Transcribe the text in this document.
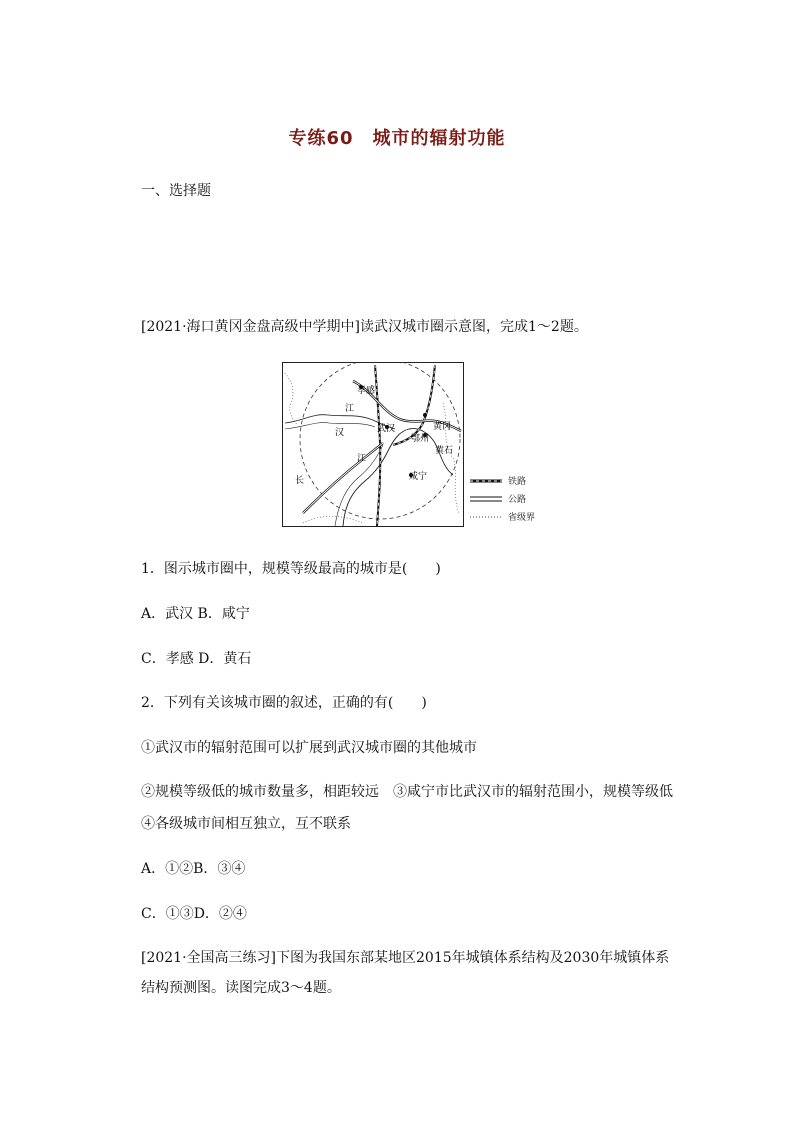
专练60　城市的辐射功能
一、选择题
[2021·海口黄冈金盘高级中学期中]读武汉城市圈示意图，完成1～2题。
孝感
江
汉	武汉	黄冈
鄂州
黄石
江
咸宁
长	铁路
公路
省级界
1．图示城市圈中，规模等级最高的城市是(　　)
A．武汉 B．咸宁
C．孝感 D．黄石
2．下列有关该城市圈的叙述，正确的有(　　)
①武汉市的辐射范围可以扩展到武汉城市圈的其他城市
②规模等级低的城市数量多，相距较远　③咸宁市比武汉市的辐射范围小，规模等级低
④各级城市间相互独立，互不联系
A．①②B．③④
C．①③D．②④
[2021·全国高三练习]下图为我国东部某地区2015年城镇体系结构及2030年城镇体系
结构预测图。读图完成3～4题。
